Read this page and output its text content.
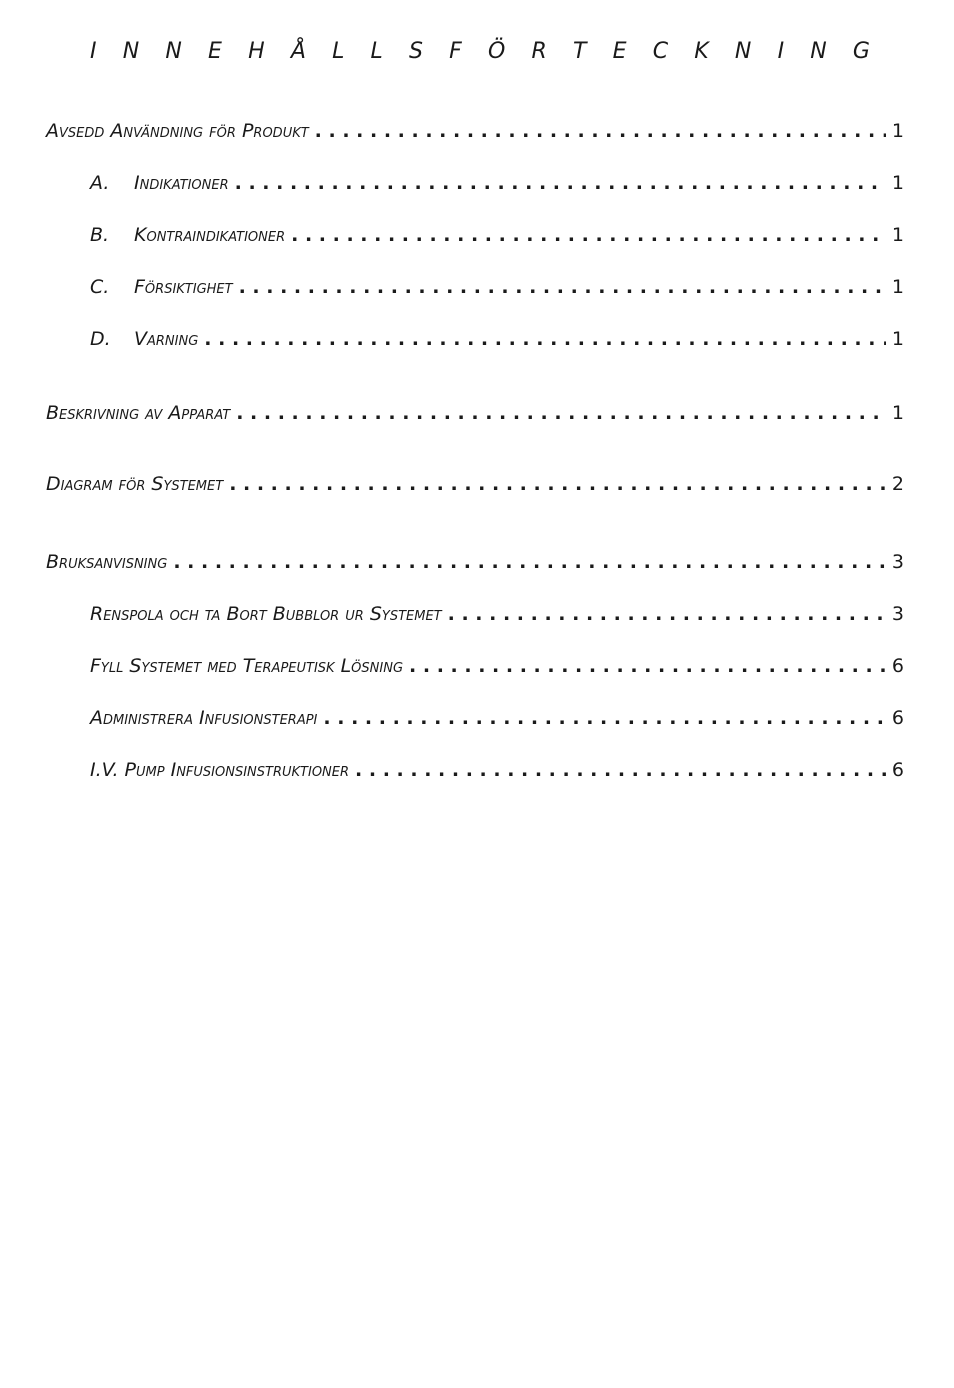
I N N E H Å L L S F Ö R T E C K N I N G
Avsedd Användning för Produkt . . .	1
A.	Indikationer . . .	1
B.	Kontraindikationer . . .	1
C.	Försiktighet . . .	1
D.	Varning . . .	1
Beskrivning av Apparat . . .	1
Diagram för Systemet . . .	2
Bruksanvisning . . .	3
Renspola och ta Bort Bubblor ur Systemet . . .	3
Fyll Systemet med Terapeutisk Lösning . . .	6
Administrera Infusionsterapi . . .	6
I.V. Pump Infusionsinstruktioner . . .	6
